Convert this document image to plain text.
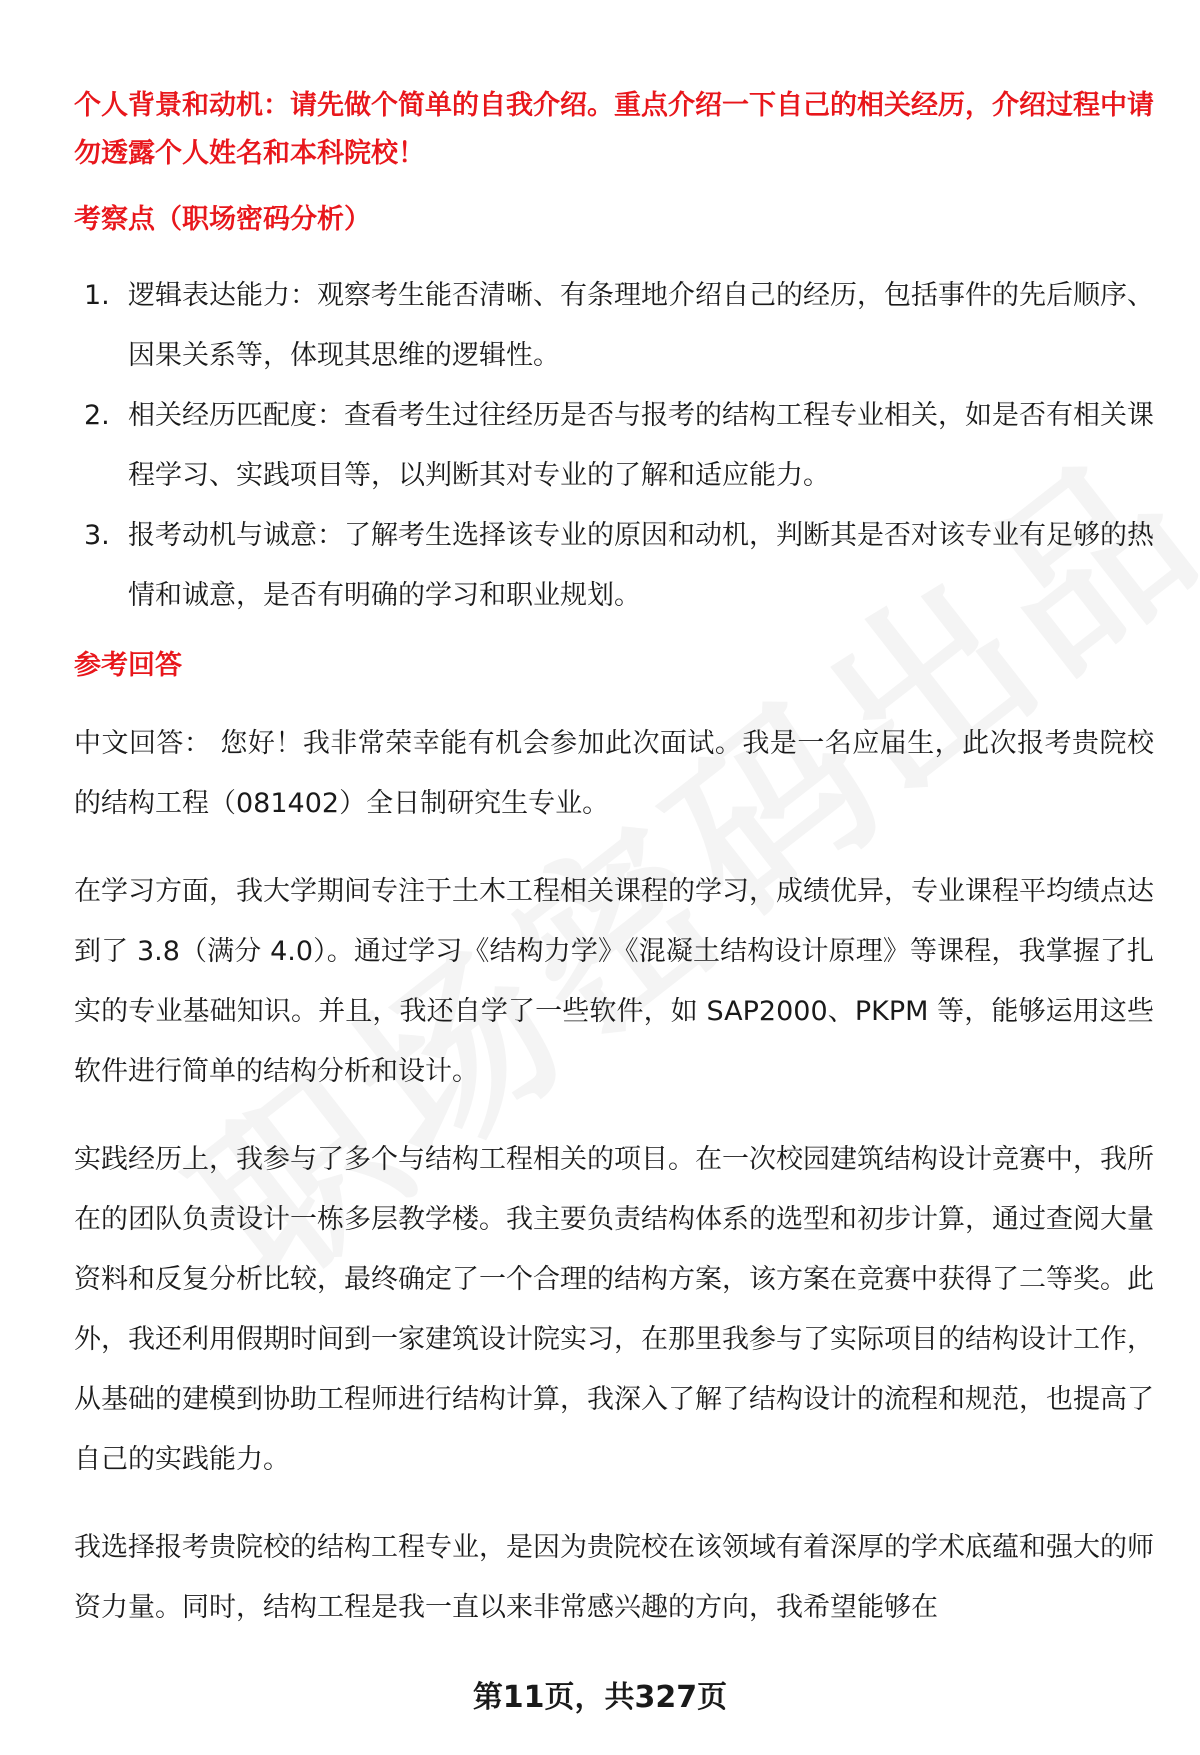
个人背景和动机：请先做个简单的自我介绍。重点介绍一下自己的相关经历，介绍过程中请勿透露个人姓名和本科院校！

考察点（职场密码分析）

1. 逻辑表达能力：观察考生能否清晰、有条理地介绍自己的经历，包括事件的先后顺序、因果关系等，体现其思维的逻辑性。
2. 相关经历匹配度：查看考生过往经历是否与报考的结构工程专业相关，如是否有相关课程学习、实践项目等，以判断其对专业的了解和适应能力。
3. 报考动机与诚意：了解考生选择该专业的原因和动机，判断其是否对该专业有足够的热情和诚意，是否有明确的学习和职业规划。

参考回答

中文回答： 您好！我非常荣幸能有机会参加此次面试。我是一名应届生，此次报考贵院校的结构工程（081402）全日制研究生专业。

在学习方面，我大学期间专注于土木工程相关课程的学习，成绩优异，专业课程平均绩点达到了 3.8（满分 4.0）。通过学习《结构力学》《混凝土结构设计原理》等课程，我掌握了扎实的专业基础知识。并且，我还自学了一些软件，如 SAP2000、PKPM 等，能够运用这些软件进行简单的结构分析和设计。

实践经历上，我参与了多个与结构工程相关的项目。在一次校园建筑结构设计竞赛中，我所在的团队负责设计一栋多层教学楼。我主要负责结构体系的选型和初步计算，通过查阅大量资料和反复分析比较，最终确定了一个合理的结构方案，该方案在竞赛中获得了二等奖。此外，我还利用假期时间到一家建筑设计院实习，在那里我参与了实际项目的结构设计工作，从基础的建模到协助工程师进行结构计算，我深入了解了结构设计的流程和规范，也提高了自己的实践能力。

我选择报考贵院校的结构工程专业，是因为贵院校在该领域有着深厚的学术底蕴和强大的师资力量。同时，结构工程是我一直以来非常感兴趣的方向，我希望能够在

第11页，共327页
